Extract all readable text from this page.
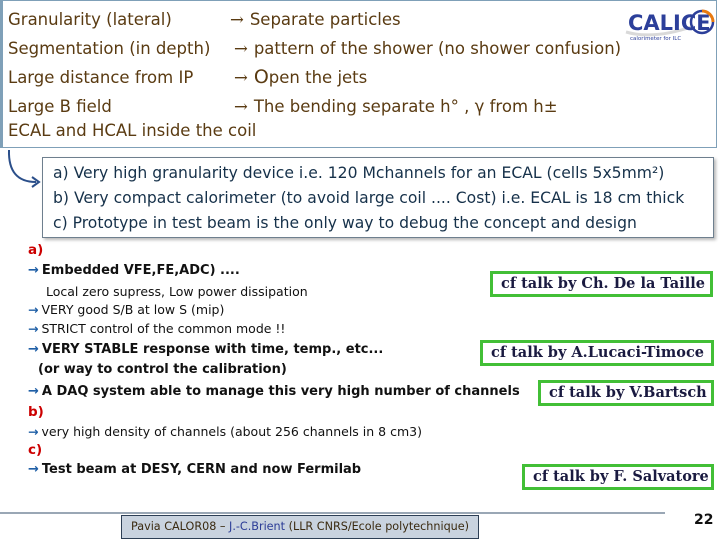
Granularity (lateral)	→ Separate particles
Segmentation (in depth) → pattern of the shower (no shower confusion)
Large distance from IP → Open the jets
Large B field	→ The bending separate h° , γ from h±
ECAL and HCAL inside the coil
CALICE
calorimeter for ILC
a) Very high granularity device i.e. 120 Mchannels for an ECAL (cells 5x5mm²)
b) Very compact calorimeter (to avoid large coil .... Cost) i.e. ECAL is 18 cm thick
c) Prototype in test beam is the only way to debug the concept and design
a)
→ Embedded VFE,FE,ADC) ....
Local zero supress, Low power dissipation
→ VERY good S/B at low S (mip)
→ STRICT control of the common mode !!
→ VERY STABLE response with time, temp., etc...
(or way to control the calibration)
→ A DAQ system able to manage this very high number of channels
b)
→ very high density of channels (about 256 channels in 8 cm3)
c)
→ Test beam at DESY, CERN and now Fermilab
cf talk by Ch. De la Taille
cf talk by A.Lucaci-Timoce
cf talk by V.Bartsch
cf talk by F. Salvatore
Pavia CALOR08 – J.-C.Brient (LLR CNRS/Ecole polytechnique)	22
